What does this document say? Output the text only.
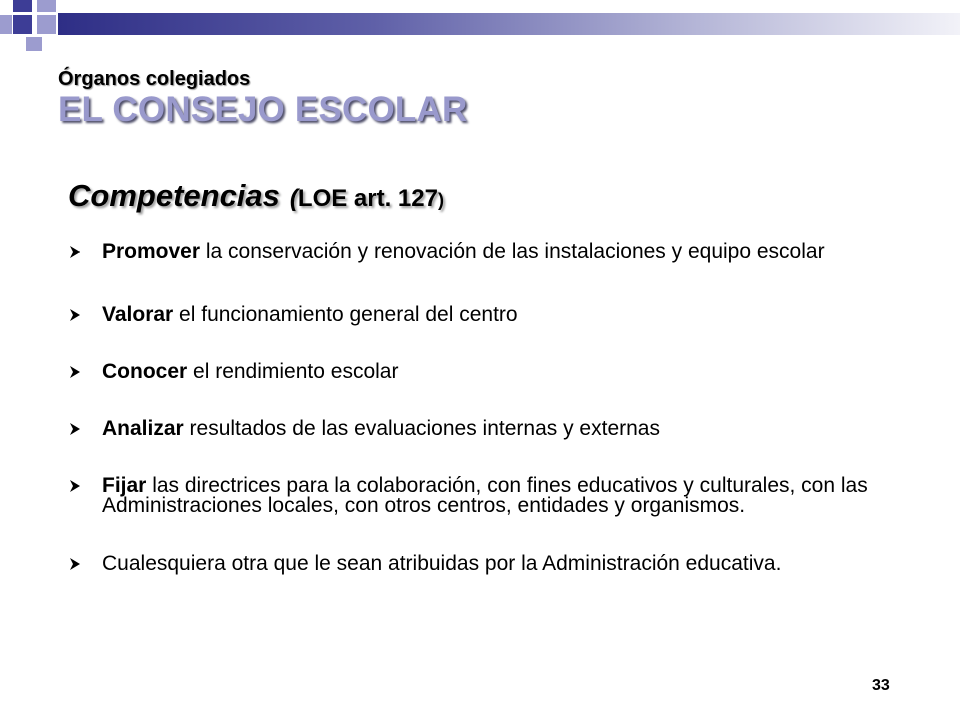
Órganos colegiados
EL CONSEJO ESCOLAR
Competencias (LOE art. 127)
Promover la conservación y renovación de las instalaciones y equipo escolar
Valorar el funcionamiento general del centro
Conocer el rendimiento escolar
Analizar resultados de las evaluaciones internas y externas
Fijar las directrices para la colaboración, con fines educativos y culturales, con las Administraciones locales, con otros centros, entidades y organismos.
Cualesquiera otra que le sean atribuidas por la Administración educativa.
33
